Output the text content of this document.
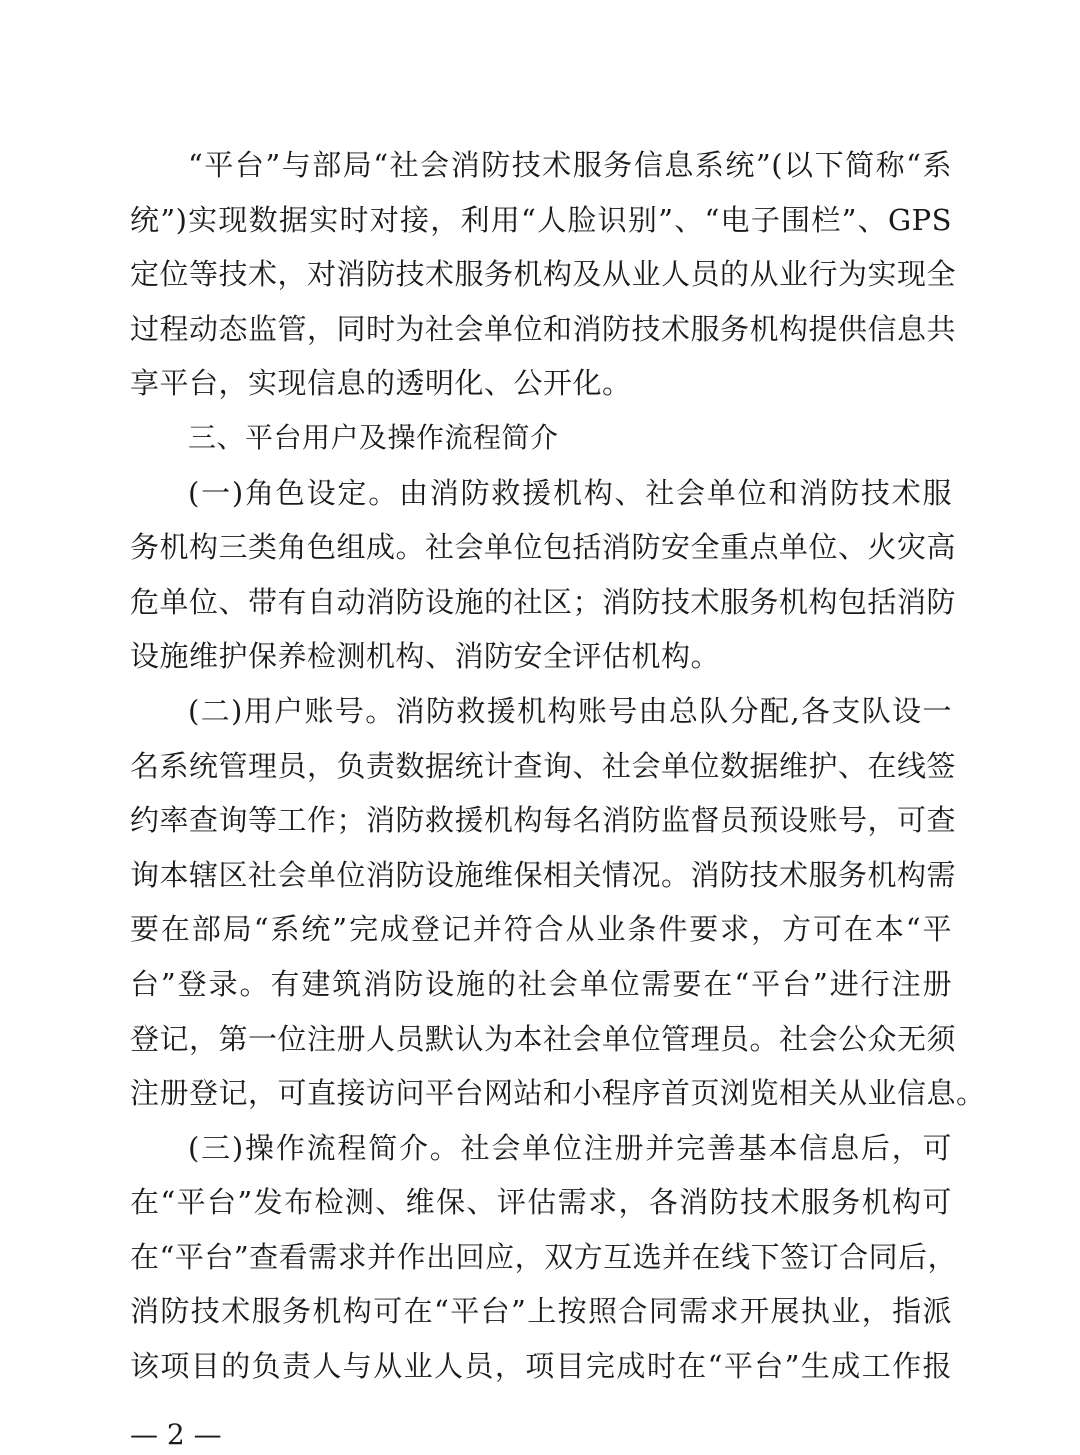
“平台”与部局“社会消防技术服务信息系统”(以下简称“系
统”)实现数据实时对接，利用“人脸识别”、“电子围栏”、GPS
定位等技术，对消防技术服务机构及从业人员的从业行为实现全
过程动态监管，同时为社会单位和消防技术服务机构提供信息共
享平台，实现信息的透明化、公开化。
三、平台用户及操作流程简介
(一)角色设定。由消防救援机构、社会单位和消防技术服
务机构三类角色组成。社会单位包括消防安全重点单位、火灾高
危单位、带有自动消防设施的社区；消防技术服务机构包括消防
设施维护保养检测机构、消防安全评估机构。
(二)用户账号。消防救援机构账号由总队分配,各支队设一
名系统管理员，负责数据统计查询、社会单位数据维护、在线签
约率查询等工作；消防救援机构每名消防监督员预设账号，可查
询本辖区社会单位消防设施维保相关情况。消防技术服务机构需
要在部局“系统”完成登记并符合从业条件要求，方可在本“平
台”登录。有建筑消防设施的社会单位需要在“平台”进行注册
登记，第一位注册人员默认为本社会单位管理员。社会公众无须
注册登记，可直接访问平台网站和小程序首页浏览相关从业信息。
(三)操作流程简介。社会单位注册并完善基本信息后，可
在“平台”发布检测、维保、评估需求，各消防技术服务机构可
在“平台”查看需求并作出回应，双方互选并在线下签订合同后，
消防技术服务机构可在“平台”上按照合同需求开展执业，指派
该项目的负责人与从业人员，项目完成时在“平台”生成工作报
— 2 —
